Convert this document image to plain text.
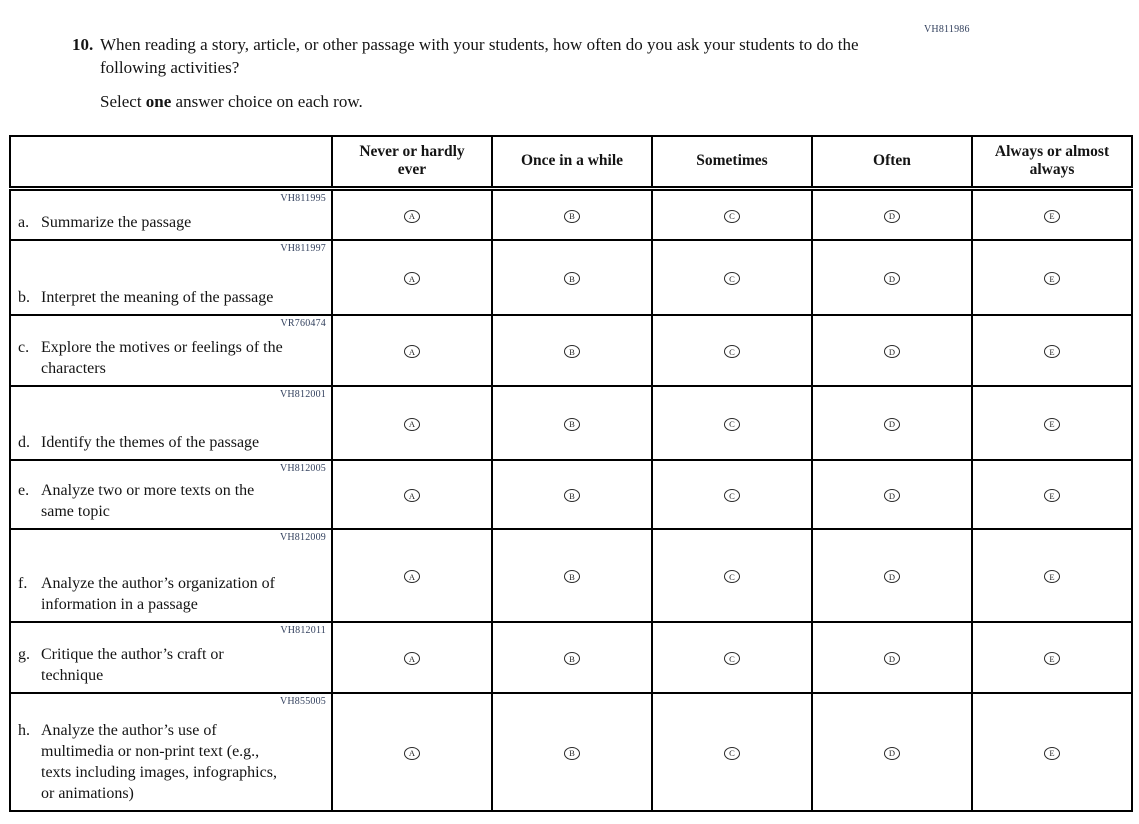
VH811986
10. When reading a story, article, or other passage with your students, how often do you ask your students to do the following activities?
Select one answer choice on each row.
	Never or hardly ever	Once in a while	Sometimes	Often	Always or almost always

VH811995
a. Summarize the passage	A	B	C	D	E

VH811997
b. Interpret the meaning of the passage	A	B	C	D	E

VR760474
c. Explore the motives or feelings of the characters	A	B	C	D	E

VH812001
d. Identify the themes of the passage	A	B	C	D	E

VH812005
e. Analyze two or more texts on the same topic	A	B	C	D	E

VH812009
f. Analyze the author’s organization of information in a passage	A	B	C	D	E

VH812011
g. Critique the author’s craft or technique	A	B	C	D	E

VH855005
h. Analyze the author’s use of multimedia or non-print text (e.g., texts including images, infographics, or animations)	A	B	C	D	E
